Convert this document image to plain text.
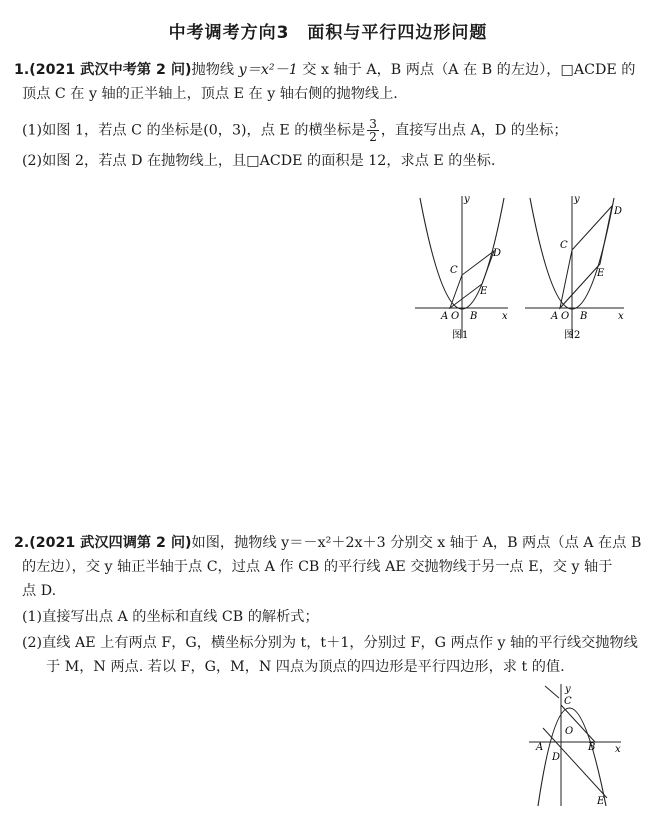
中考调考方向3　面积与平行四边形问题
1.(2021 武汉中考第 2 问)抛物线 y＝x²－1 交 x 轴于 A，B 两点（A 在 B 的左边），□ACDE 的
顶点 C 在 y 轴的正半轴上，顶点 E 在 y 轴右侧的抛物线上.
(1)如图 1，若点 C 的坐标是(0，3)，点 E 的横坐标是 $\frac{3}{2}$ ，直接写出点 A，D 的坐标；
(2)如图 2，若点 D 在抛物线上，且□ACDE 的面积是 12，求点 E 的坐标.
y
x
A O B
C
D
E
图1
y
x
A O B
C
D
E
图2
2.(2021 武汉四调第 2 问)如图，抛物线 y＝－x²＋2x＋3 分别交 x 轴于 A，B 两点（点 A 在点 B
的左边），交 y 轴正半轴于点 C，过点 A 作 CB 的平行线 AE 交抛物线于另一点 E，交 y 轴于
点 D.
(1)直接写出点 A 的坐标和直线 CB 的解析式；
(2)直线 AE 上有两点 F，G，横坐标分别为 t，t＋1，分别过 F，G 两点作 y 轴的平行线交抛物线
于 M，N 两点. 若以 F，G，M，N 四点为顶点的四边形是平行四边形，求 t 的值.
y
x
C
O
A	B
D
E
